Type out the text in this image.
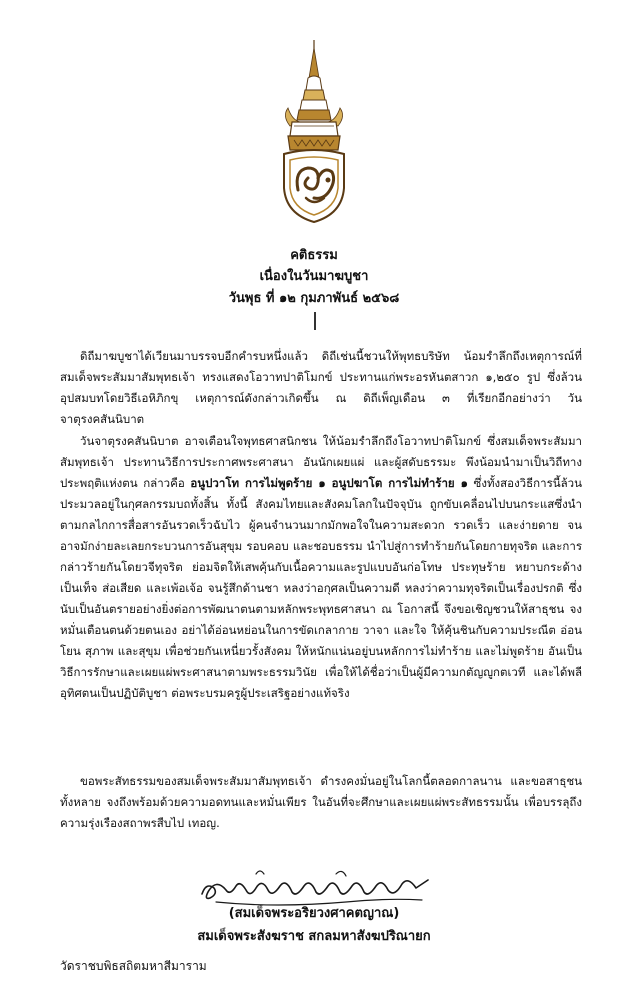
คติธรรม
เนื่องในวันมาฆบูชา
วันพุธ ที่ ๑๒ กุมภาพันธ์ ๒๕๖๘
ดิถีมาฆบูชาได้เวียนมาบรรจบอีกคำรบหนึ่งแล้ว ดิถีเช่นนี้ชวนให้พุทธบริษัท น้อมรำลึกถึงเหตุการณ์ที่สมเด็จพระสัมมาสัมพุทธเจ้า ทรงแสดงโอวาทปาติโมกข์ ประทานแก่พระอรหันตสาวก ๑,๒๕๐ รูป ซึ่งล้วนอุปสมบทโดยวิธีเอหิภิกขุ เหตุการณ์ดังกล่าวเกิดขึ้น ณ ดิถีเพ็ญเดือน ๓ ที่เรียกอีกอย่างว่า วันจาตุรงคสันนิบาต
วันจาตุรงคสันนิบาต อาจเตือนใจพุทธศาสนิกชน ให้น้อมรำลึกถึงโอวาทปาติโมกข์ ซึ่งสมเด็จพระสัมมาสัมพุทธเจ้า ประทานวิธีการประกาศพระศาสนา อันนักเผยแผ่ และผู้สดับธรรมะ พึงน้อมนำมาเป็นวิถีทางประพฤติแห่งตน กล่าวคือ อนูปวาโท การไม่พูดร้าย ๑ อนูปฆาโต การไม่ทำร้าย ๑ ซึ่งทั้งสองวิธีการนี้ล้วนประมวลอยู่ในกุศลกรรมบถทั้งสิ้น ทั้งนี้ สังคมไทยและสังคมโลกในปัจจุบัน ถูกขับเคลื่อนไปบนกระแสซึ่งนำตามกลไกการสื่อสารอันรวดเร็วฉับไว ผู้คนจำนวนมากมักพอใจในความสะดวก รวดเร็ว และง่ายดาย จนอาจมักง่ายละเลยกระบวนการอันสุขุม รอบคอบ และชอบธรรม นำไปสู่การทำร้ายกันโดยกายทุจริต และการกล่าวร้ายกันโดยวจีทุจริต ย่อมจิตให้เสพคุ้นกับเนื้อความและรูปแบบอันก่อโทษ ประทุษร้าย หยาบกระด้าง เป็นเท็จ ส่อเสียด และเพ้อเจ้อ จนรู้สึกด้านชา หลงว่าอกุศลเป็นความดี หลงว่าความทุจริตเป็นเรื่องปรกติ ซึ่งนับเป็นอันตรายอย่างยิ่งต่อการพัฒนาตนตามหลักพระพุทธศาสนา ณ โอกาสนี้ จึงขอเชิญชวนให้สาธุชน จงหมั่นเตือนตนด้วยตนเอง อย่าได้อ่อนหย่อนในการขัดเกลากาย วาจา และใจ ให้คุ้นชินกับความประณีต อ่อนโยน สุภาพ และสุขุม เพื่อช่วยกันเหนี่ยวรั้งสังคม ให้หนักแน่นอยู่บนหลักการไม่ทำร้าย และไม่พูดร้าย อันเป็นวิธีการรักษาและเผยแผ่พระศาสนาตามพระธรรมวินัย เพื่อให้ได้ชื่อว่าเป็นผู้มีความกตัญญูกตเวที และได้พลีอุทิศตนเป็นปฏิบัติบูชา ต่อพระบรมครูผู้ประเสริฐอย่างแท้จริง
ขอพระสัทธรรมของสมเด็จพระสัมมาสัมพุทธเจ้า ดำรงคงมั่นอยู่ในโลกนี้ตลอดกาลนาน และขอสาธุชนทั้งหลาย จงถึงพร้อมด้วยความอดทนและหมั่นเพียร ในอันที่จะศึกษาและเผยแผ่พระสัทธรรมนั้น เพื่อบรรลุถึงความรุ่งเรืองสถาพรสืบไป เทอญ.
(สมเด็จพระอริยวงศาคตญาณ)
สมเด็จพระสังฆราช สกลมหาสังฆปริณายก
วัดราชบพิธสถิตมหาสีมาราม
